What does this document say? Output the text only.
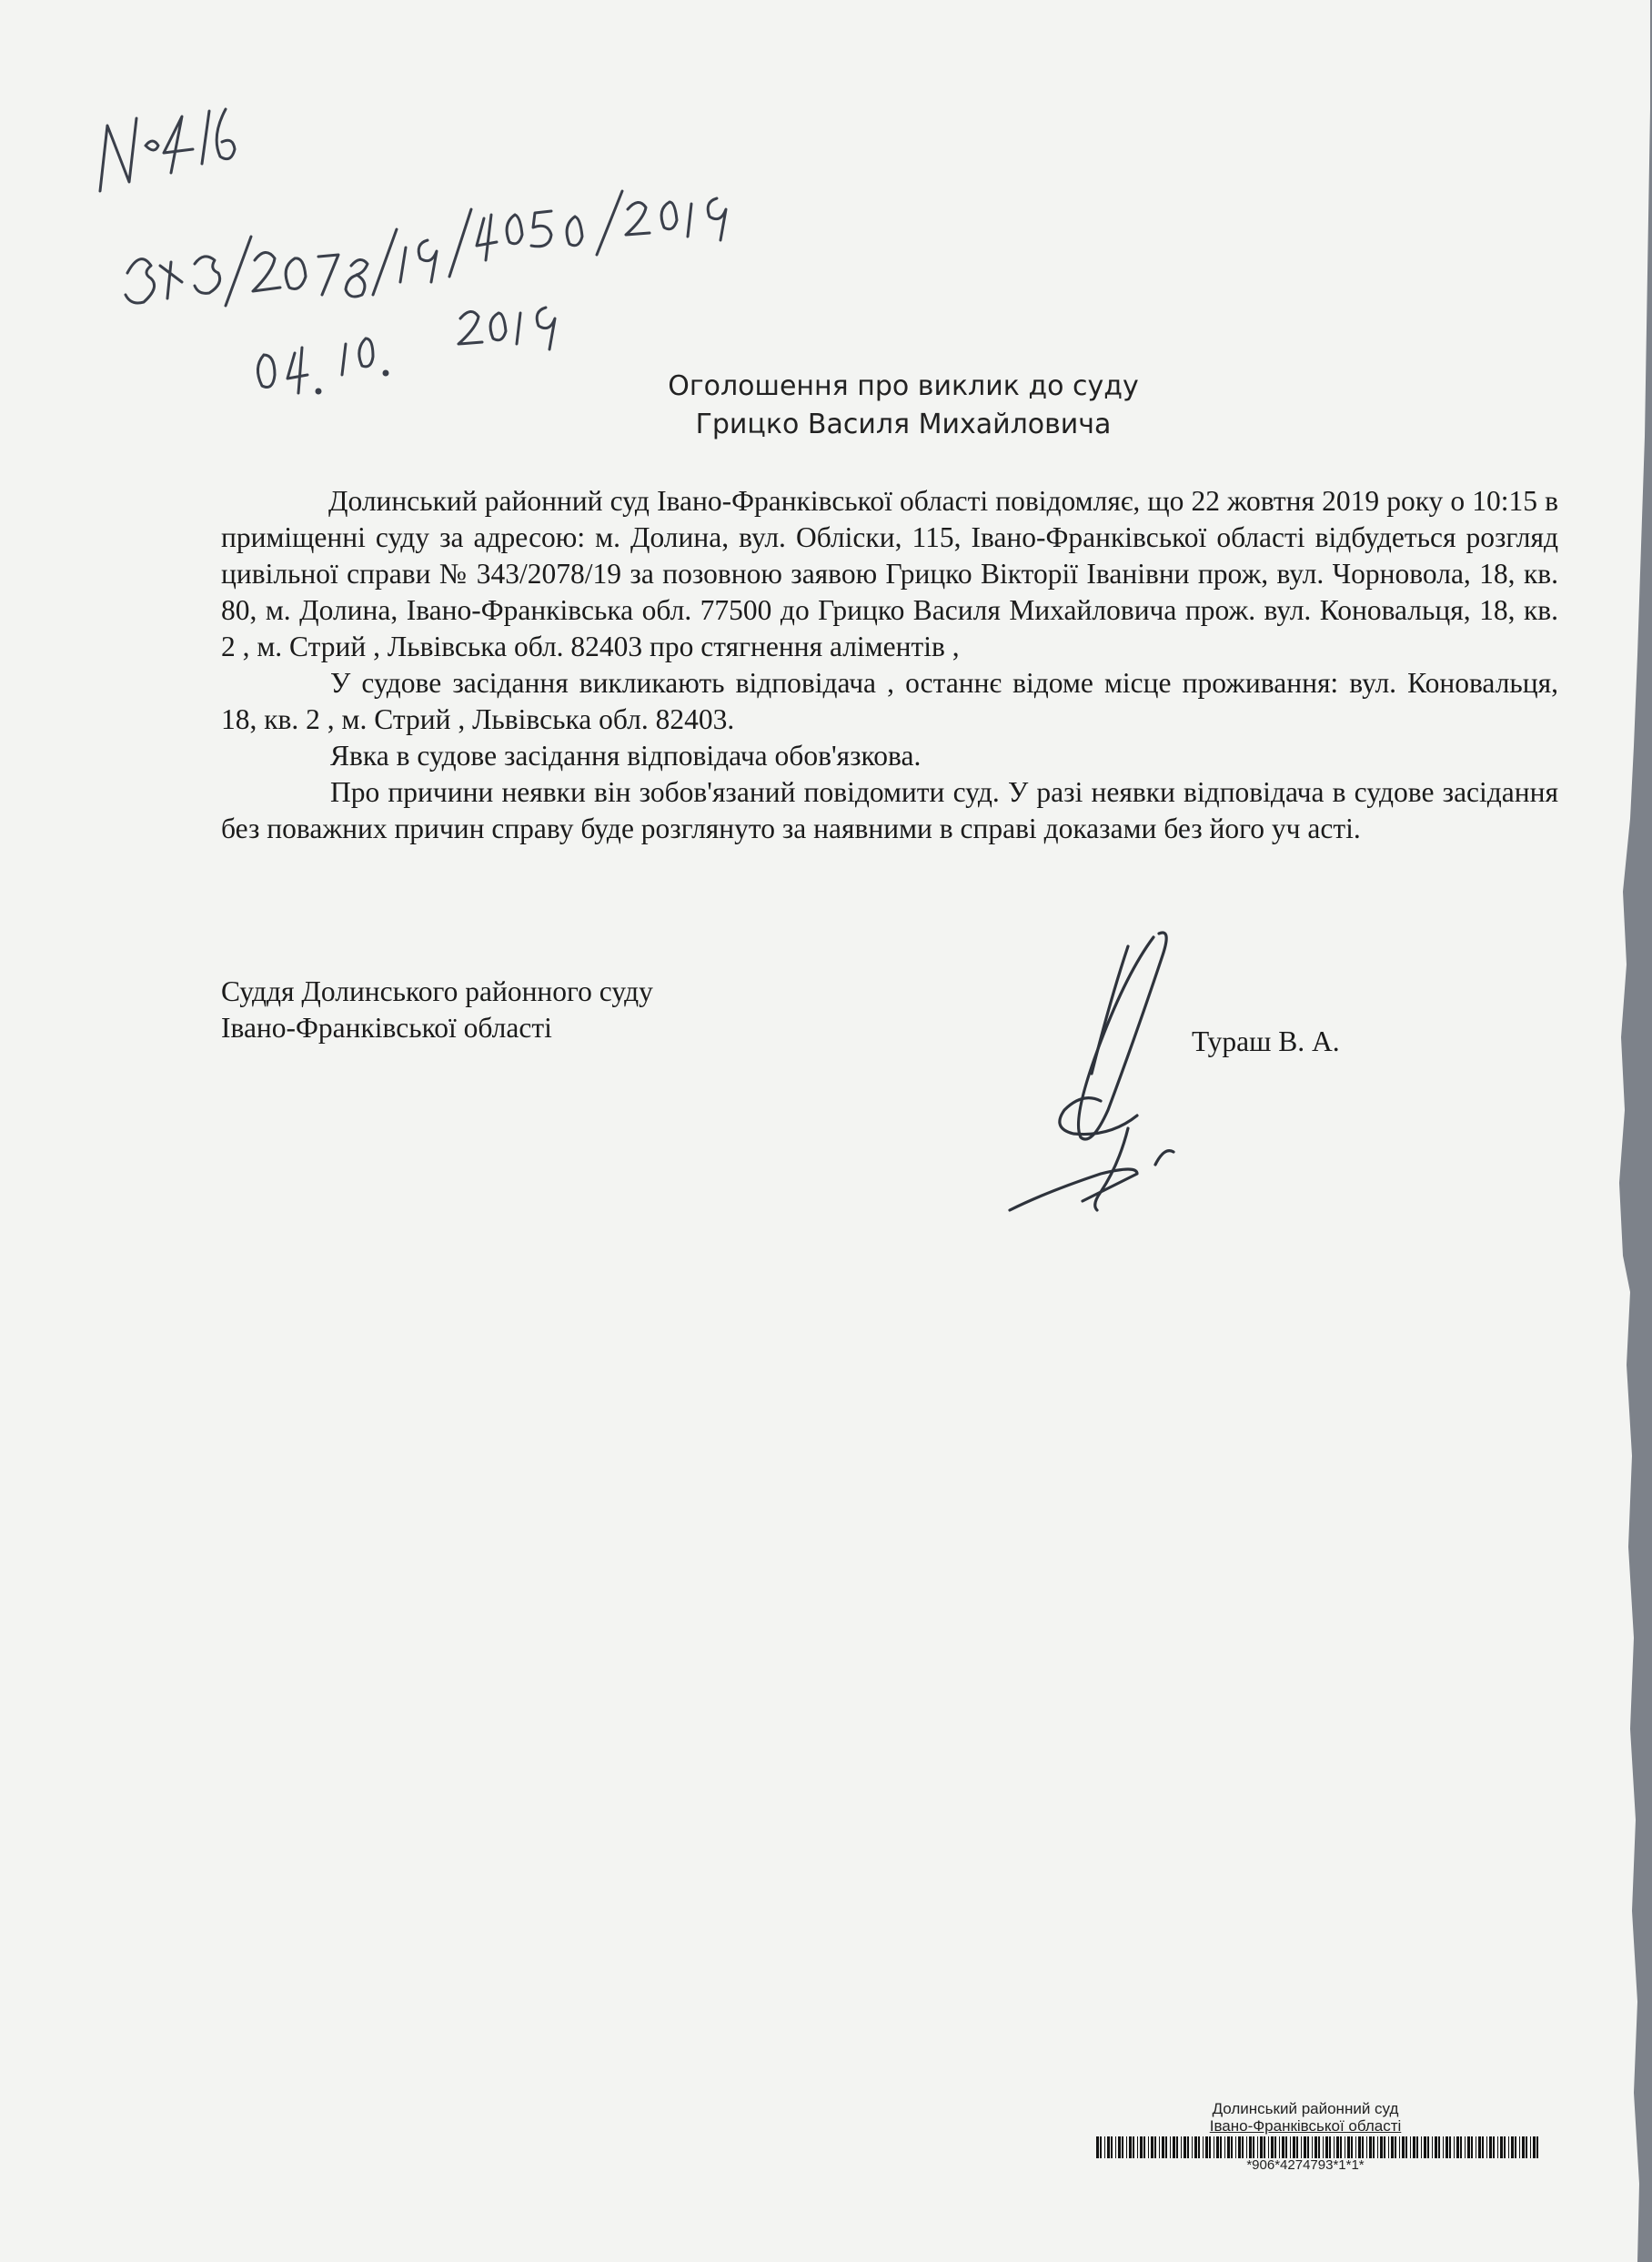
Оголошення про виклик до суду
Грицко Василя Михайловича

Долинський районний суд Івано-Франківської області повідомляє, що 22 жовтня 2019 року о 10:15 в приміщенні суду за адресою: м. Долина, вул. Обліски, 115, Івано-Франківської області відбудеться розгляд цивільної справи № 343/2078/19 за позовною заявою Грицко Вікторії Іванівни прож, вул. Чорновола, 18, кв. 80, м. Долина, Івано-Франківська обл. 77500 до Грицко Василя Михайловича прож. вул. Коновальця, 18, кв. 2 , м. Стрий , Львівська обл. 82403 про стягнення аліментів ,

У судове засідання викликають відповідача , останнє відоме місце проживання: вул. Коновальця, 18, кв. 2 , м. Стрий , Львівська обл. 82403.

Явка в судове засідання відповідача обов'язкова.

Про причини неявки він зобов'язаний повідомити суд. У разі неявки відповідача в судове засідання без поважних причин справу буде розглянуто за наявними в справі доказами без його уч асті.

Суддя Долинського районного суду
Івано-Франківської області	Тураш В. А.
Долинський районний суд
Івано-Франківської області
*906*4274793*1*1*
